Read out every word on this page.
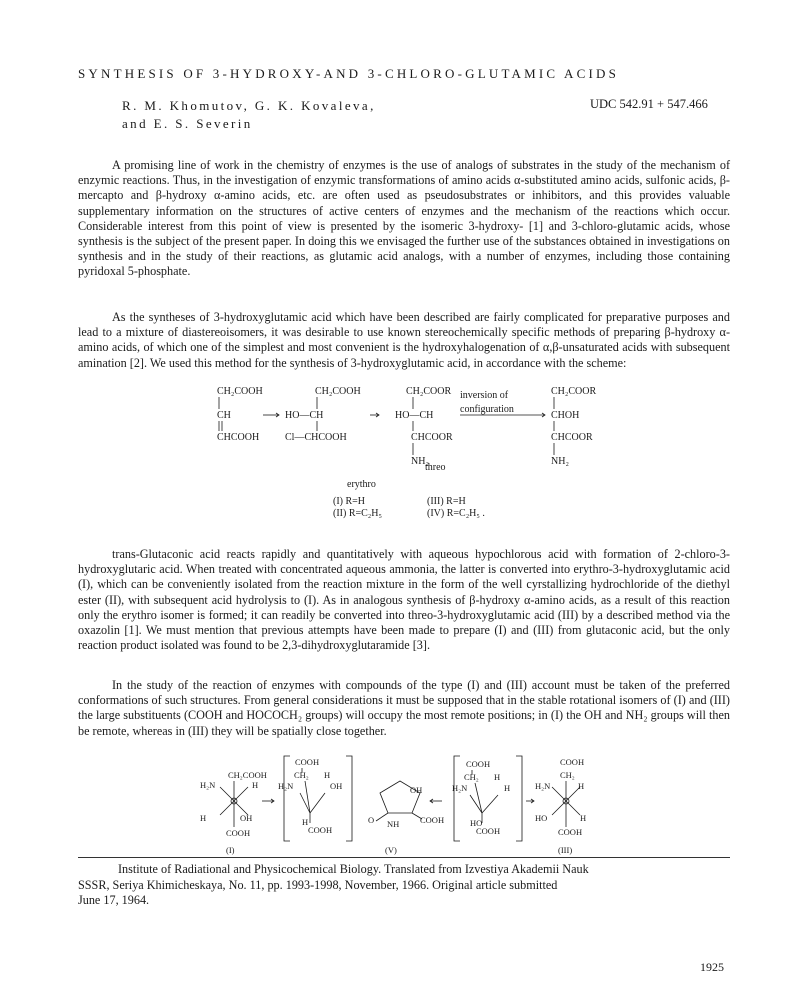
SYNTHESIS OF 3-HYDROXY-AND 3-CHLORO-GLUTAMIC ACIDS
R. M. Khomutov, G. K. Kovaleva,
and E. S. Severin
UDC 542.91 + 547.466

A promising line of work in the chemistry of enzymes is the use of analogs of substrates in the study of the mechanism of enzymic reactions. Thus, in the investigation of enzymic transformations of amino acids α-substituted amino acids, sulfonic acids, β-mercapto and β-hydroxy α-amino acids, etc. are often used as pseudosubstrates or inhibitors, and this provides valuable supplementary information on the structures of active centers of enzymes and the mechanism of the reactions which occur. Considerable interest from this point of view is presented by the isomeric 3-hydroxy- [1] and 3-chloro-glutamic acids, whose synthesis is the subject of the present paper. In doing this we envisaged the further use of the substances obtained in investigations on synthesis and in the study of their reactions, as glutamic acid analogs, with a number of enzymes, including those containing pyridoxal 5-phosphate.

As the syntheses of 3-hydroxyglutamic acid which have been described are fairly complicated for preparative purposes and lead to a mixture of diastereoisomers, it was desirable to use known stereochemically specific methods of preparing β-hydroxy α-amino acids, of which one of the simplest and most convenient is the hydroxyhalogenation of α,β-unsaturated acids with subsequent amination [2]. We used this method for the synthesis of 3-hydroxyglutamic acid, in accordance with the scheme:

CH₂COOH
CH
CHCOOH
CH₂COOH
HO—CH
Cl—CHCOOH
CH₂COOR
HO—CH
CHCOOR
NH₂
CH₂COOR
CHOH
CHCOOR
NH₂
inversion of
configuration
erythro
threo
(I) R=H
(II) R=C₂H₅
(III) R=H
(IV) R=C₂H₅ .

trans-Glutaconic acid reacts rapidly and quantitatively with aqueous hypochlorous acid with formation of 2-chloro-3-hydroxyglutaric acid. When treated with concentrated aqueous ammonia, the latter is converted into erythro-3-hydroxyglutamic acid (I), which can be conveniently isolated from the reaction mixture in the form of the well cyrstallizing hydrochloride of the diethyl ester (II), with subsequent acid hydrolysis to (I). As in analogous synthesis of β-hydroxy α-amino acids, as a result of this reaction only the erythro isomer is formed; it can readily be converted into threo-3-hydroxyglutamic acid (III) by a described method via the oxazolin [1]. We must mention that previous attempts have been made to prepare (I) and (III) from glutaconic acid, but the only reaction product isolated was found to be 2,3-dihydroxyglutaramide [3].

In the study of the reaction of enzymes with compounds of the type (I) and (III) account must be taken of the preferred conformations of such structures. From general considerations it must be supposed that in the stable rotational isomers of (I) and (III) the large substituents (COOH and HOCOCH₂ groups) will occupy the most remote positions; in (I) the OH and NH₂ groups will then be remote, whereas in (III) they will be spatially close together.

CH₂COOH
H₂N	H
H	OH
COOH
(I)
COOH
CH₂ H
H₂N	OH
H
COOH
OH
O NH COOH
(V)
COOH
CH₂ H
H₂N	H
HO
COOH
COOH
CH₂
H₂N	H
HO	H
COOH
(III)
Institute of Radiational and Physicochemical Biology. Translated from Izvestiya Akademii Nauk
SSSR, Seriya Khimicheskaya, No. 11, pp. 1993-1998, November, 1966. Original article submitted
June 17, 1964.
1925
